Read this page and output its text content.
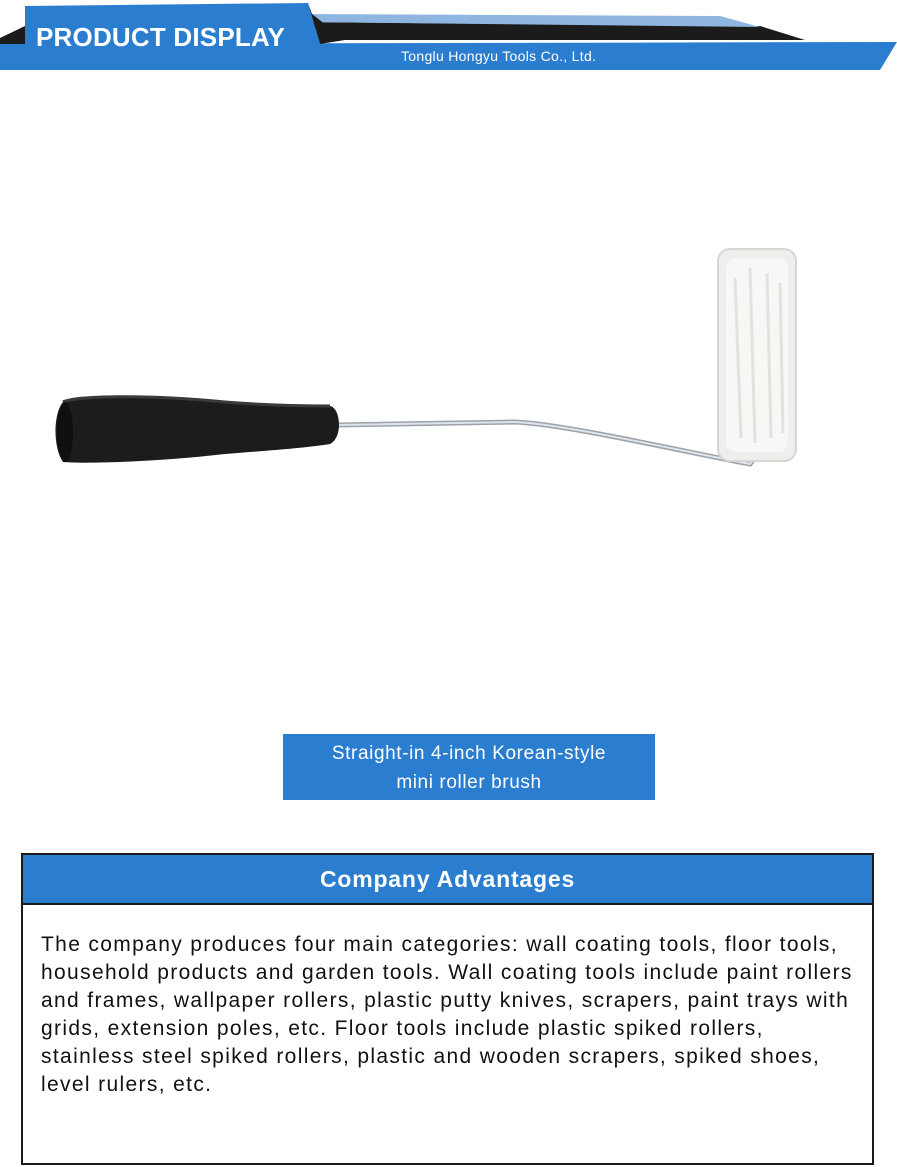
PRODUCT DISPLAY
Tonglu Hongyu Tools Co., Ltd.
Straight-in 4-inch Korean-style
mini roller brush
Company Advantages
The company produces four main categories: wall coating tools, floor tools, household products and garden tools. Wall coating tools include paint rollers and frames, wallpaper rollers, plastic putty knives, scrapers, paint trays with grids, extension poles, etc. Floor tools include plastic spiked rollers, stainless steel spiked rollers, plastic and wooden scrapers, spiked shoes, level rulers, etc.
